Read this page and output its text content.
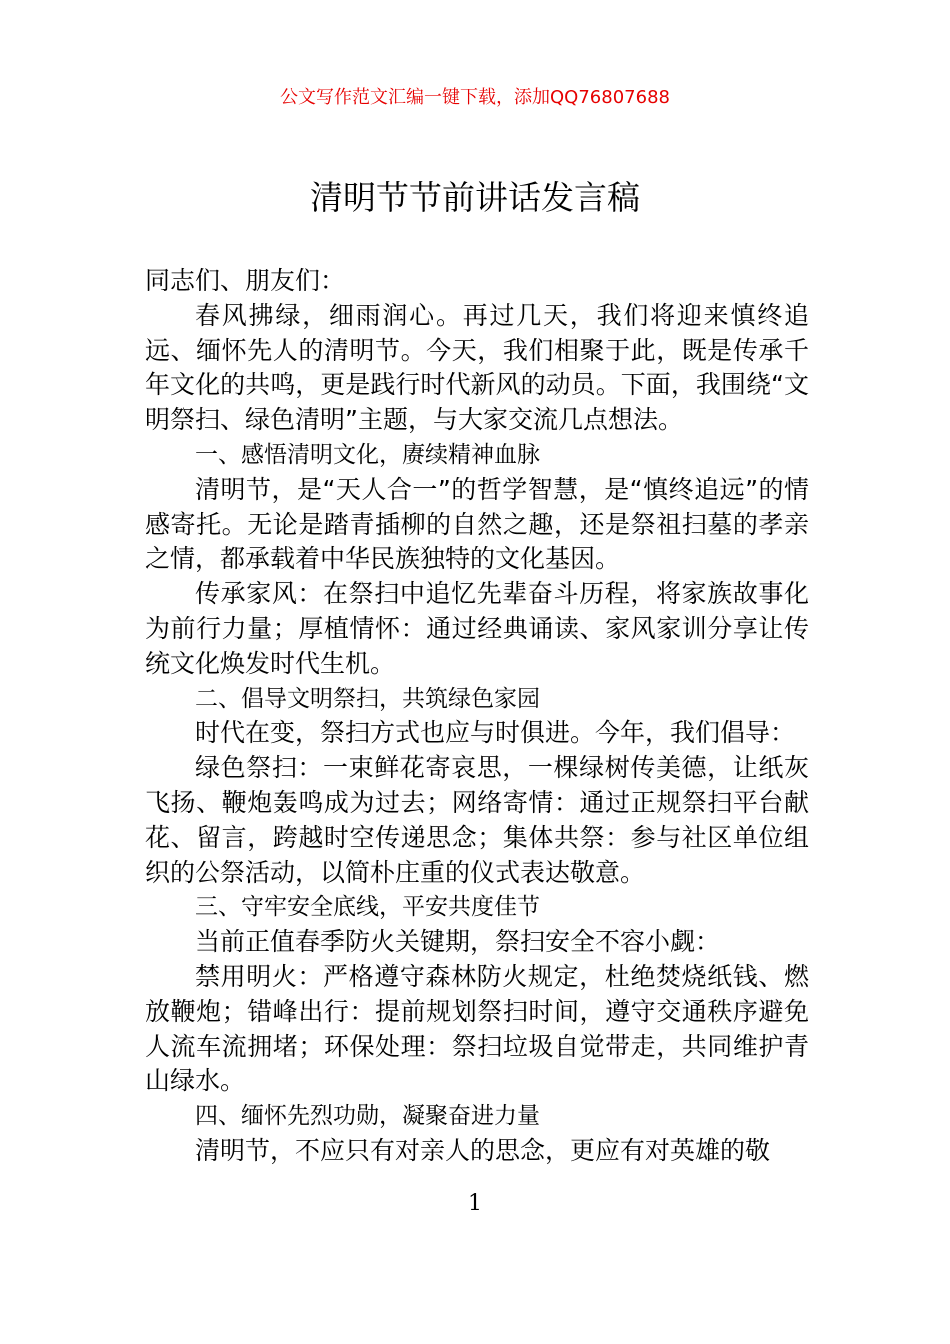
公文写作范文汇编一键下载，添加QQ76807688
清明节节前讲话发言稿

同志们、朋友们：

春风拂绿，细雨润心。再过几天，我们将迎来慎终追远、缅怀先人的清明节。今天，我们相聚于此，既是传承千年文化的共鸣，更是践行时代新风的动员。下面，我围绕“文明祭扫、绿色清明”主题，与大家交流几点想法。

一、感悟清明文化，赓续精神血脉

清明节，是“天人合一”的哲学智慧，是“慎终追远”的情感寄托。无论是踏青插柳的自然之趣，还是祭祖扫墓的孝亲之情，都承载着中华民族独特的文化基因。

传承家风：在祭扫中追忆先辈奋斗历程，将家族故事化为前行力量；厚植情怀：通过经典诵读、家风家训分享让传统文化焕发时代生机。

二、倡导文明祭扫，共筑绿色家园

时代在变，祭扫方式也应与时俱进。今年，我们倡导：

绿色祭扫：一束鲜花寄哀思，一棵绿树传美德，让纸灰飞扬、鞭炮轰鸣成为过去；网络寄情：通过正规祭扫平台献花、留言，跨越时空传递思念；集体共祭：参与社区单位组织的公祭活动，以简朴庄重的仪式表达敬意。

三、守牢安全底线，平安共度佳节

当前正值春季防火关键期，祭扫安全不容小觑：

禁用明火：严格遵守森林防火规定，杜绝焚烧纸钱、燃放鞭炮；错峰出行：提前规划祭扫时间，遵守交通秩序避免人流车流拥堵；环保处理：祭扫垃圾自觉带走，共同维护青山绿水。

四、缅怀先烈功勋，凝聚奋进力量

清明节，不应只有对亲人的思念，更应有对英雄的敬

1
